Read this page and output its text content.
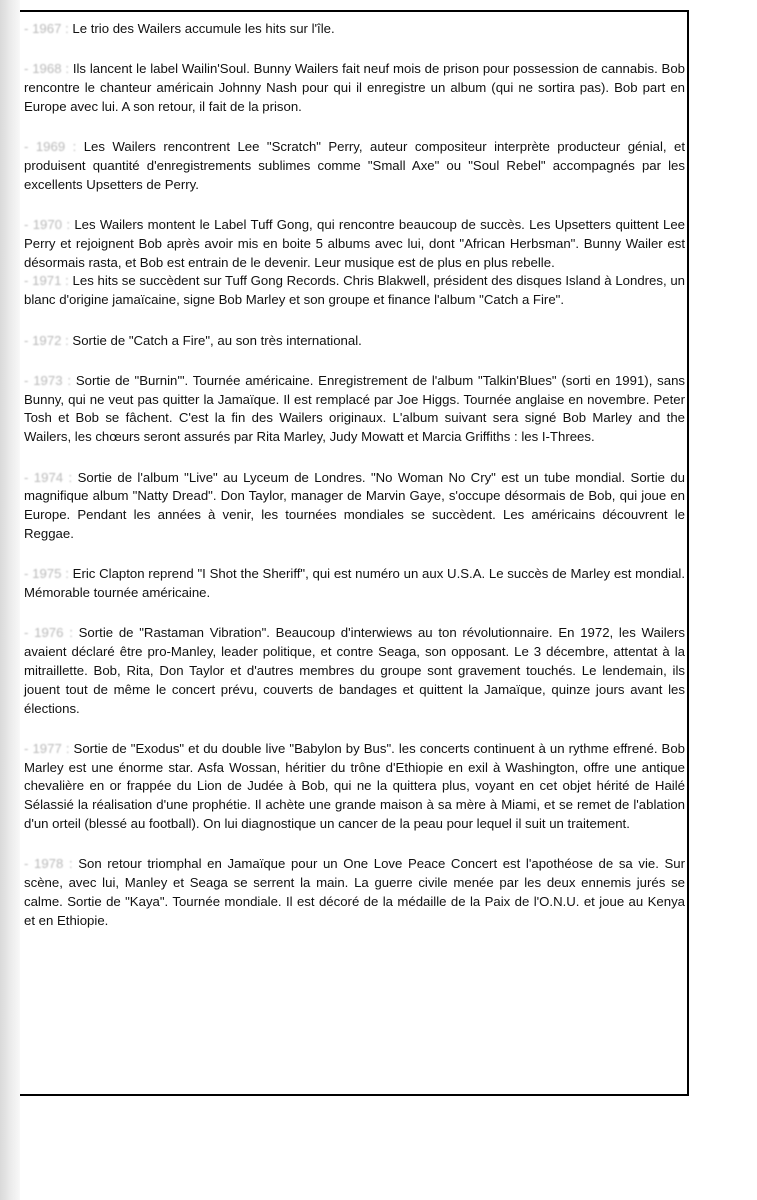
- 1967 : Le trio des Wailers accumule les hits sur l'île.

- 1968 : Ils lancent le label Wailin'Soul. Bunny Wailers fait neuf mois de prison pour possession de cannabis. Bob rencontre le chanteur américain Johnny Nash pour qui il enregistre un album (qui ne sortira pas). Bob part en Europe avec lui. A son retour, il fait de la prison.

- 1969 : Les Wailers rencontrent Lee "Scratch" Perry, auteur compositeur interprète producteur génial, et produisent quantité d'enregistrements sublimes comme "Small Axe" ou "Soul Rebel" accompagnés par les excellents Upsetters de Perry.

- 1970 : Les Wailers montent le Label Tuff Gong, qui rencontre beaucoup de succès. Les Upsetters quittent Lee Perry et rejoignent Bob après avoir mis en boite 5 albums avec lui, dont "African Herbsman". Bunny Wailer est désormais rasta, et Bob est entrain de le devenir. Leur musique est de plus en plus rebelle.

- 1971 : Les hits se succèdent sur Tuff Gong Records. Chris Blakwell, président des disques Island à Londres, un blanc d'origine jamaïcaine, signe Bob Marley et son groupe et finance l'album "Catch a Fire".

- 1972 : Sortie de "Catch a Fire", au son très international.

- 1973 : Sortie de "Burnin'". Tournée américaine. Enregistrement de l'album "Talkin'Blues" (sorti en 1991), sans Bunny, qui ne veut pas quitter la Jamaïque. Il est remplacé par Joe Higgs. Tournée anglaise en novembre. Peter Tosh et Bob se fâchent. C'est la fin des Wailers originaux. L'album suivant sera signé Bob Marley and the Wailers, les chœurs seront assurés par Rita Marley, Judy Mowatt et Marcia Griffiths : les I-Threes.

- 1974 : Sortie de l'album "Live" au Lyceum de Londres. "No Woman No Cry" est un tube mondial. Sortie du magnifique album "Natty Dread". Don Taylor, manager de Marvin Gaye, s'occupe désormais de Bob, qui joue en Europe. Pendant les années à venir, les tournées mondiales se succèdent. Les américains découvrent le Reggae.

- 1975 : Eric Clapton reprend "I Shot the Sheriff", qui est numéro un aux U.S.A. Le succès de Marley est mondial. Mémorable tournée américaine.

- 1976 : Sortie de "Rastaman Vibration". Beaucoup d'interwiews au ton révolutionnaire. En 1972, les Wailers avaient déclaré être pro-Manley, leader politique, et contre Seaga, son opposant. Le 3 décembre, attentat à la mitraillette. Bob, Rita, Don Taylor et d'autres membres du groupe sont gravement touchés. Le lendemain, ils jouent tout de même le concert prévu, couverts de bandages et quittent la Jamaïque, quinze jours avant les élections.

- 1977 : Sortie de "Exodus" et du double live "Babylon by Bus". les concerts continuent à un rythme effrené. Bob Marley est une énorme star. Asfa Wossan, héritier du trône d'Ethiopie en exil à Washington, offre une antique chevalière en or frappée du Lion de Judée à Bob, qui ne la quittera plus, voyant en cet objet hérité de Hailé Sélassié la réalisation d'une prophétie. Il achète une grande maison à sa mère à Miami, et se remet de l'ablation d'un orteil (blessé au football). On lui diagnostique un cancer de la peau pour lequel il suit un traitement.

- 1978 : Son retour triomphal en Jamaïque pour un One Love Peace Concert est l'apothéose de sa vie. Sur scène, avec lui, Manley et Seaga se serrent la main. La guerre civile menée par les deux ennemis jurés se calme. Sortie de "Kaya". Tournée mondiale. Il est décoré de la médaille de la Paix de l'O.N.U. et joue au Kenya et en Ethiopie.
